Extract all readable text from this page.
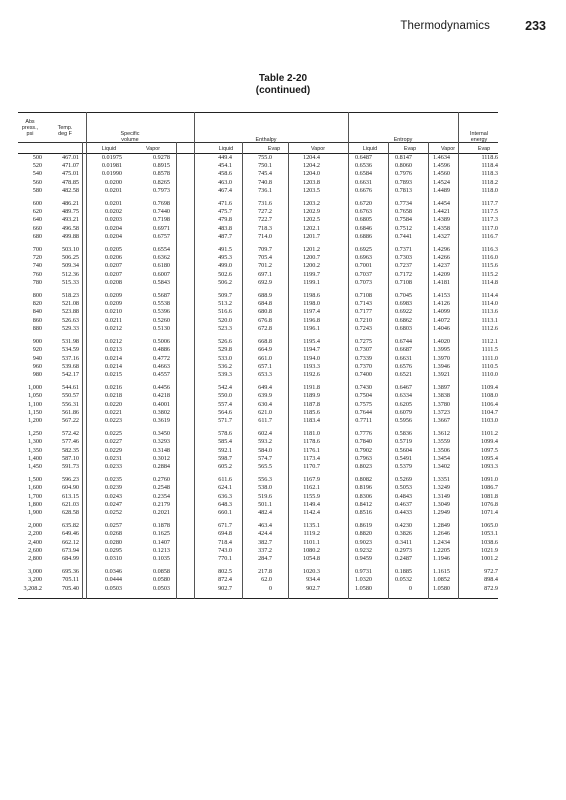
Thermodynamics	233
Table 2-20
(continued)
Abs
press.,
psi
Temp.
deg F	Specific
volume	Enthalpy	Entropy
Internal
energy
Liquid	Vapor	Liquid	Evap	Vapor	Liquid	Evap	Vapor	Evap
500	467.01	0.01975	0.9278	449.4	755.0	1204.4	0.6487	0.8147	1.4634	1118.6
520	471.07	0.01981	0.8915	454.1	750.1	1204.2	0.6536	0.8060	1.4596	1118.4
540	475.01	0.01990	0.8578	458.6	745.4	1204.0	0.6584	0.7976	1.4560	1118.3
560	478.85	0.0200	0.8265	463.0	740.8	1203.8	0.6631	0.7893	1.4524	1118.2
580	482.58	0.0201	0.7973	467.4	736.1	1203.5	0.6676	0.7813	1.4489	1118.0
600	486.21	0.0201	0.7698	471.6	731.6	1203.2	0.6720	0.7734	1.4454	1117.7
620	489.75	0.0202	0.7440	475.7	727.2	1202.9	0.6763	0.7658	1.4421	1117.5
640	493.21	0.0203	0.7198	479.8	722.7	1202.5	0.6805	0.7584	1.4389	1117.3
660	496.58	0.0204	0.6971	483.8	718.3	1202.1	0.6846	0.7512	1.4358	1117.0
680	499.88	0.0204	0.6757	487.7	714.0	1201.7	0.6886	0.7441	1.4327	1116.7
700	503.10	0.0205	0.6554	491.5	709.7	1201.2	0.6925	0.7371	1.4296	1116.3
720	506.25	0.0206	0.6362	495.3	705.4	1200.7	0.6963	0.7303	1.4266	1116.0
740	509.34	0.0207	0.6180	499.0	701.2	1200.2	0.7001	0.7237	1.4237	1115.6
760	512.36	0.0207	0.6007	502.6	697.1	1199.7	0.7037	0.7172	1.4209	1115.2
780	515.33	0.0208	0.5843	506.2	692.9	1199.1	0.7073	0.7108	1.4181	1114.8
800	518.23	0.0209	0.5687	509.7	688.9	1198.6	0.7108	0.7045	1.4153	1114.4
820	521.08	0.0209	0.5538	513.2	684.8	1198.0	0.7143	0.6983	1.4126	1114.0
840	523.88	0.0210	0.5396	516.6	680.8	1197.4	0.7177	0.6922	1.4099	1113.6
860	526.63	0.0211	0.5260	520.0	676.8	1196.8	0.7210	0.6862	1.4072	1113.1
880	529.33	0.0212	0.5130	523.3	672.8	1196.1	0.7243	0.6803	1.4046	1112.6
900	531.98	0.0212	0.5006	526.6	668.8	1195.4	0.7275	0.6744	1.4020	1112.1
920	534.59	0.0213	0.4886	529.8	664.9	1194.7	0.7307	0.6687	1.3995	1111.5
940	537.16	0.0214	0.4772	533.0	661.0	1194.0	0.7339	0.6631	1.3970	1111.0
960	539.68	0.0214	0.4663	536.2	657.1	1193.3	0.7370	0.6576	1.3946	1110.5
980	542.17	0.0215	0.4557	539.3	653.3	1192.6	0.7400	0.6521	1.3921	1110.0
1,000	544.61	0.0216	0.4456	542.4	649.4	1191.8	0.7430	0.6467	1.3897	1109.4
1,050	550.57	0.0218	0.4218	550.0	639.9	1189.9	0.7504	0.6334	1.3838	1108.0
1,100	556.31	0.0220	0.4001	557.4	630.4	1187.8	0.7575	0.6205	1.3780	1106.4
1,150	561.86	0.0221	0.3802	564.6	621.0	1185.6	0.7644	0.6079	1.3723	1104.7
1,200	567.22	0.0223	0.3619	571.7	611.7	1183.4	0.7711	0.5956	1.3667	1103.0
1,250	572.42	0.0225	0.3450	578.6	602.4	1181.0	0.7776	0.5836	1.3612	1101.2
1,300	577.46	0.0227	0.3293	585.4	593.2	1178.6	0.7840	0.5719	1.3559	1099.4
1,350	582.35	0.0229	0.3148	592.1	584.0	1176.1	0.7902	0.5604	1.3506	1097.5
1,400	587.10	0.0231	0.3012	598.7	574.7	1173.4	0.7963	0.5491	1.3454	1095.4
1,450	591.73	0.0233	0.2884	605.2	565.5	1170.7	0.8023	0.5379	1.3402	1093.3
1,500	596.23	0.0235	0.2760	611.6	556.3	1167.9	0.8082	0.5269	1.3351	1091.0
1,600	604.90	0.0239	0.2548	624.1	538.0	1162.1	0.8196	0.5053	1.3249	1086.7
1,700	613.15	0.0243	0.2354	636.3	519.6	1155.9	0.8306	0.4843	1.3149	1081.8
1,800	621.03	0.0247	0.2179	648.3	501.1	1149.4	0.8412	0.4637	1.3049	1076.8
1,900	628.58	0.0252	0.2021	660.1	482.4	1142.4	0.8516	0.4433	1.2949	1071.4
2,000	635.82	0.0257	0.1878	671.7	463.4	1135.1	0.8619	0.4230	1.2849	1065.0
2,200	649.46	0.0268	0.1625	694.8	424.4	1119.2	0.8820	0.3826	1.2646	1053.1
2,400	662.12	0.0280	0.1407	718.4	382.7	1101.1	0.9023	0.3411	1.2434	1038.6
2,600	673.94	0.0295	0.1213	743.0	337.2	1080.2	0.9232	0.2973	1.2205	1021.9
2,800	684.99	0.0310	0.1035	770.1	284.7	1054.8	0.9459	0.2487	1.1946	1001.2
3,000	695.36	0.0346	0.0858	802.5	217.8	1020.3	0.9731	0.1885	1.1615	972.7
3,200	705.11	0.0444	0.0580	872.4	62.0	934.4	1.0320	0.0532	1.0852	898.4
3,208.2	705.40	0.0503	0.0503	902.7	0	902.7	1.0580	0	1.0580	872.9
